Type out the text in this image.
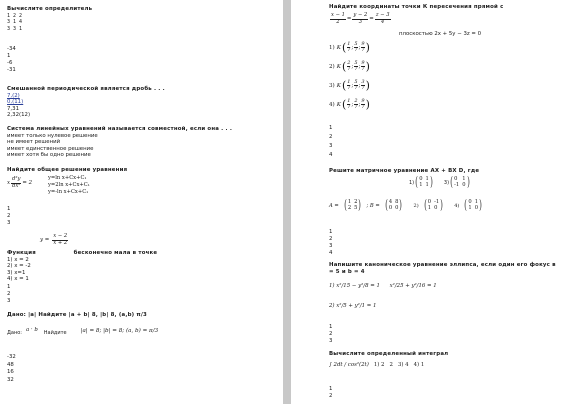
Вычислите определитель

1 2 2

3 1 4

3 3 1

-34

1

-6

-31

Смешанной периодической является дробь . . .

7,(2)

0,(11)

7,31

2,32(12)

Система линейных уравнений называется совместной, если она . . .

имеет только нулевое решение

не имеет решений

имеет единственное решение

имеет хотя бы одно решение

Найдите общее решение уравнения

x $\frac{\text{d²y}}{\text{dx²}} = 2$

y=ln x+Cx+C₁

y=2ln x+Cx+C₁

y=-ln x+Cx+C₁

1

2

3

$y = \frac{x - 2}{x + 2}$
Функция	бесконечно мала в точке

1) x = 2

2) x = -2

3) x=1

4) x = 1

1

2

3

Дано: |a| Найдите |a + b| 8, |b| 8, (a,b) π/3

Дано: a · b Найдите	|a| = 8; |b| = 8; (a, b) = π/3

-32

48

16

32

Найдите координаты точки К пересечения прямой с

$\frac{x - 1}{2} = \frac{y - 2}{3} = \frac{z - 3}{4}$

плоскостью 2x + 5y − 3z = 0

1) K ( 1
7 ;
5
7 ;
9
7 )
2) K ( 2
7 ;
5
7 ;
9
7 )
3) K ( 1
7 ;
5
7 ;
3
7 )
4) K ( 1
7 ;
2
7 ;
9
7 )

1

2

3

4

Решите матричное уравнение AX + BX D, где

1) ( 0 1
1 1 ) 3) ( 0 1
-1 0 )
A = ( 1 2
2 5 ) ; B = ( 4 8
0 0 ) 2) ( 0 -1
1 0 ) 4) ( 0 1
1 0 )

1

2

3

4

Напишите каноническое уравнение эллипса, если один его фокус в

= 5 и b = 4

1) x²/15 − y²/8 = 1 x²/25 + y²/16 = 1
2) x²/5 + y²/1 = 1

1

2

3

Вычислите определенный интеграл

∫ 2dt / cos²(2t) 1) 2 2 3) 4 4) 1

1

2
